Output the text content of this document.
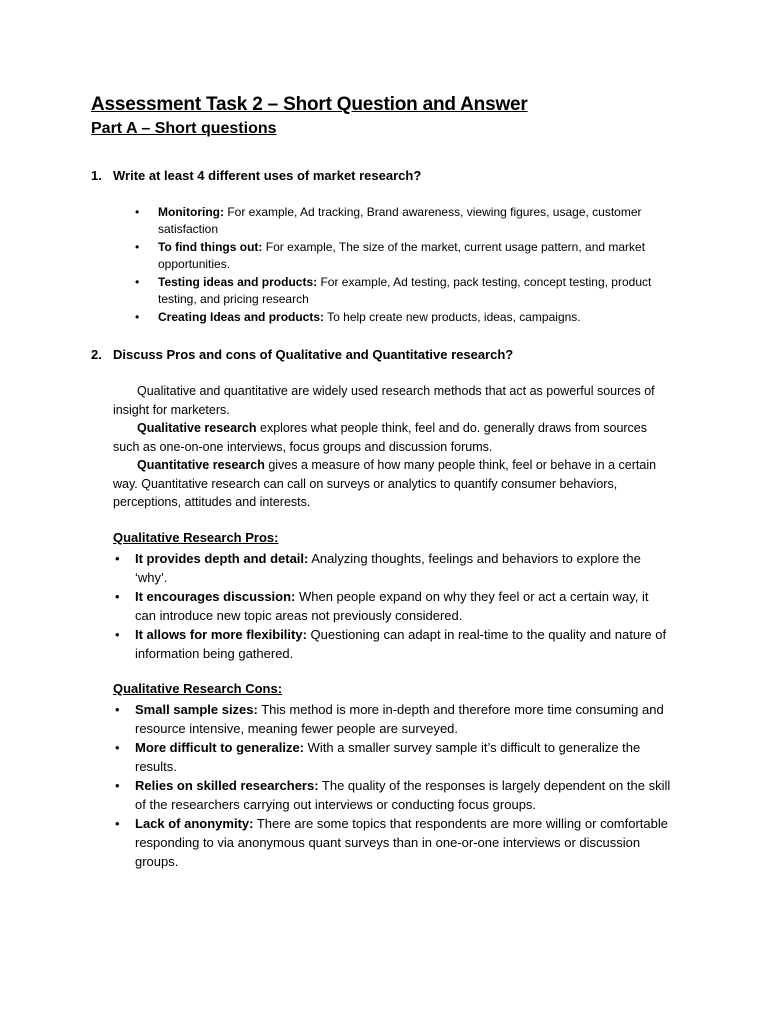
Assessment Task 2 – Short Question and Answer
Part A – Short questions

1. Write at least 4 different uses of market research?

• Monitoring: For example, Ad tracking, Brand awareness, viewing figures, usage, customer satisfaction
• To find things out: For example, The size of the market, current usage pattern, and market opportunities.
• Testing ideas and products: For example, Ad testing, pack testing, concept testing, product testing, and pricing research
• Creating Ideas and products: To help create new products, ideas, campaigns.

2. Discuss Pros and cons of Qualitative and Quantitative research?

Qualitative and quantitative are widely used research methods that act as powerful sources of insight for marketers.

Qualitative research explores what people think, feel and do. generally draws from sources such as one-on-one interviews, focus groups and discussion forums.

Quantitative research gives a measure of how many people think, feel or behave in a certain way. Quantitative research can call on surveys or analytics to quantify consumer behaviors, perceptions, attitudes and interests.

Qualitative Research Pros:

• It provides depth and detail: Analyzing thoughts, feelings and behaviors to explore the ‘why’.
• It encourages discussion: When people expand on why they feel or act a certain way, it can introduce new topic areas not previously considered.
• It allows for more flexibility: Questioning can adapt in real-time to the quality and nature of information being gathered.

Qualitative Research Cons:

• Small sample sizes: This method is more in-depth and therefore more time consuming and resource intensive, meaning fewer people are surveyed.
• More difficult to generalize: With a smaller survey sample it’s difficult to generalize the results.
• Relies on skilled researchers: The quality of the responses is largely dependent on the skill of the researchers carrying out interviews or conducting focus groups.
• Lack of anonymity: There are some topics that respondents are more willing or comfortable responding to via anonymous quant surveys than in one-or-one interviews or discussion groups.
